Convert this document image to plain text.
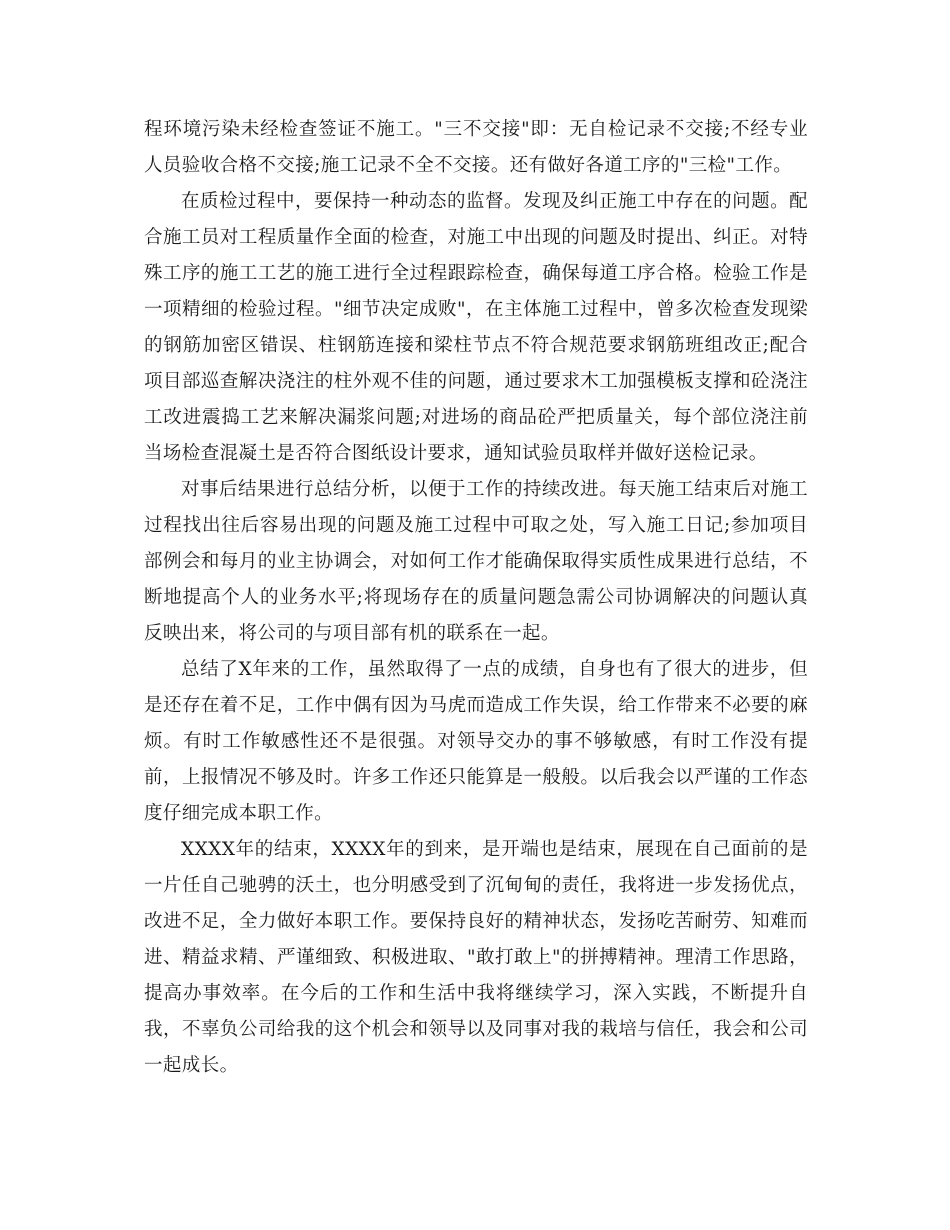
程环境污染未经检查签证不施工。"三不交接"即：无自检记录不交接;不经专业人员验收合格不交接;施工记录不全不交接。还有做好各道工序的"三检"工作。

在质检过程中，要保持一种动态的监督。发现及纠正施工中存在的问题。配合施工员对工程质量作全面的检查，对施工中出现的问题及时提出、纠正。对特殊工序的施工工艺的施工进行全过程跟踪检查，确保每道工序合格。检验工作是一项精细的检验过程。"细节决定成败"，在主体施工过程中，曾多次检查发现梁的钢筋加密区错误、柱钢筋连接和梁柱节点不符合规范要求钢筋班组改正;配合项目部巡查解决浇注的柱外观不佳的问题，通过要求木工加强模板支撑和砼浇注工改进震捣工艺来解决漏浆问题;对进场的商品砼严把质量关，每个部位浇注前当场检查混凝土是否符合图纸设计要求，通知试验员取样并做好送检记录。

对事后结果进行总结分析，以便于工作的持续改进。每天施工结束后对施工过程找出往后容易出现的问题及施工过程中可取之处，写入施工日记;参加项目部例会和每月的业主协调会，对如何工作才能确保取得实质性成果进行总结，不断地提高个人的业务水平;将现场存在的质量问题急需公司协调解决的问题认真反映出来，将公司的与项目部有机的联系在一起。

总结了X年来的工作，虽然取得了一点的成绩，自身也有了很大的进步，但是还存在着不足，工作中偶有因为马虎而造成工作失误，给工作带来不必要的麻烦。有时工作敏感性还不是很强。对领导交办的事不够敏感，有时工作没有提前，上报情况不够及时。许多工作还只能算是一般般。以后我会以严谨的工作态度仔细完成本职工作。

XXXX年的结束，XXXX年的到来，是开端也是结束，展现在自己面前的是一片任自己驰骋的沃土，也分明感受到了沉甸甸的责任，我将进一步发扬优点，改进不足，全力做好本职工作。要保持良好的精神状态，发扬吃苦耐劳、知难而进、精益求精、严谨细致、积极进取、"敢打敢上"的拼搏精神。理清工作思路，提高办事效率。在今后的工作和生活中我将继续学习，深入实践，不断提升自我，不辜负公司给我的这个机会和领导以及同事对我的栽培与信任，我会和公司一起成长。
